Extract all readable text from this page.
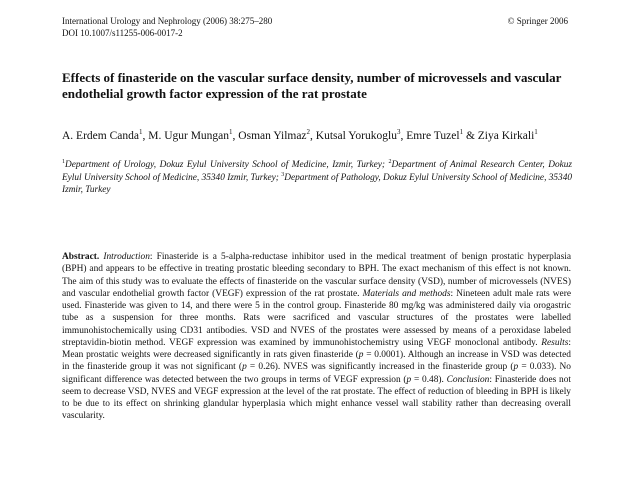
International Urology and Nephrology (2006) 38:275–280	© Springer 2006
DOI 10.1007/s11255-006-0017-2
Effects of finasteride on the vascular surface density, number of microvessels and vascular endothelial growth factor expression of the rat prostate
A. Erdem Canda$^1$, M. Ugur Mungan$^1$, Osman Yilmaz$^2$, Kutsal Yorukoglu$^3$, Emre Tuzel$^1$ & Ziya Kirkali$^1$
$^1$Department of Urology, Dokuz Eylul University School of Medicine, Izmir, Turkey; $^2$Department of Animal Research Center, Dokuz Eylul University School of Medicine, 35340 Izmir, Turkey; $^3$Department of Pathology, Dokuz Eylul University School of Medicine, 35340 Izmir, Turkey
Abstract. Introduction: Finasteride is a 5-alpha-reductase inhibitor used in the medical treatment of benign prostatic hyperplasia (BPH) and appears to be effective in treating prostatic bleeding secondary to BPH. The exact mechanism of this effect is not known. The aim of this study was to evaluate the effects of finasteride on the vascular surface density (VSD), number of microvessels (NVES) and vascular endothelial growth factor (VEGF) expression of the rat prostate. Materials and methods: Nineteen adult male rats were used. Finasteride was given to 14, and there were 5 in the control group. Finasteride 80 mg/kg was administered daily via orogastric tube as a suspension for three months. Rats were sacrificed and vascular structures of the prostates were labelled immunohistochemically using CD31 antibodies. VSD and NVES of the prostates were assessed by means of a peroxidase labeled streptavidin-biotin method. VEGF expression was examined by immunohistochemistry using VEGF monoclonal antibody. Results: Mean prostatic weights were decreased significantly in rats given finasteride (p = 0.0001). Although an increase in VSD was detected in the finasteride group it was not significant (p = 0.26). NVES was significantly increased in the finasteride group (p = 0.033). No significant difference was detected between the two groups in terms of VEGF expression (p = 0.48). Conclusion: Finasteride does not seem to decrease VSD, NVES and VEGF expression at the level of the rat prostate. The effect of reduction of bleeding in BPH is likely to be due to its effect on shrinking glandular hyperplasia which might enhance vessel wall stability rather than decreasing overall vascularity.
